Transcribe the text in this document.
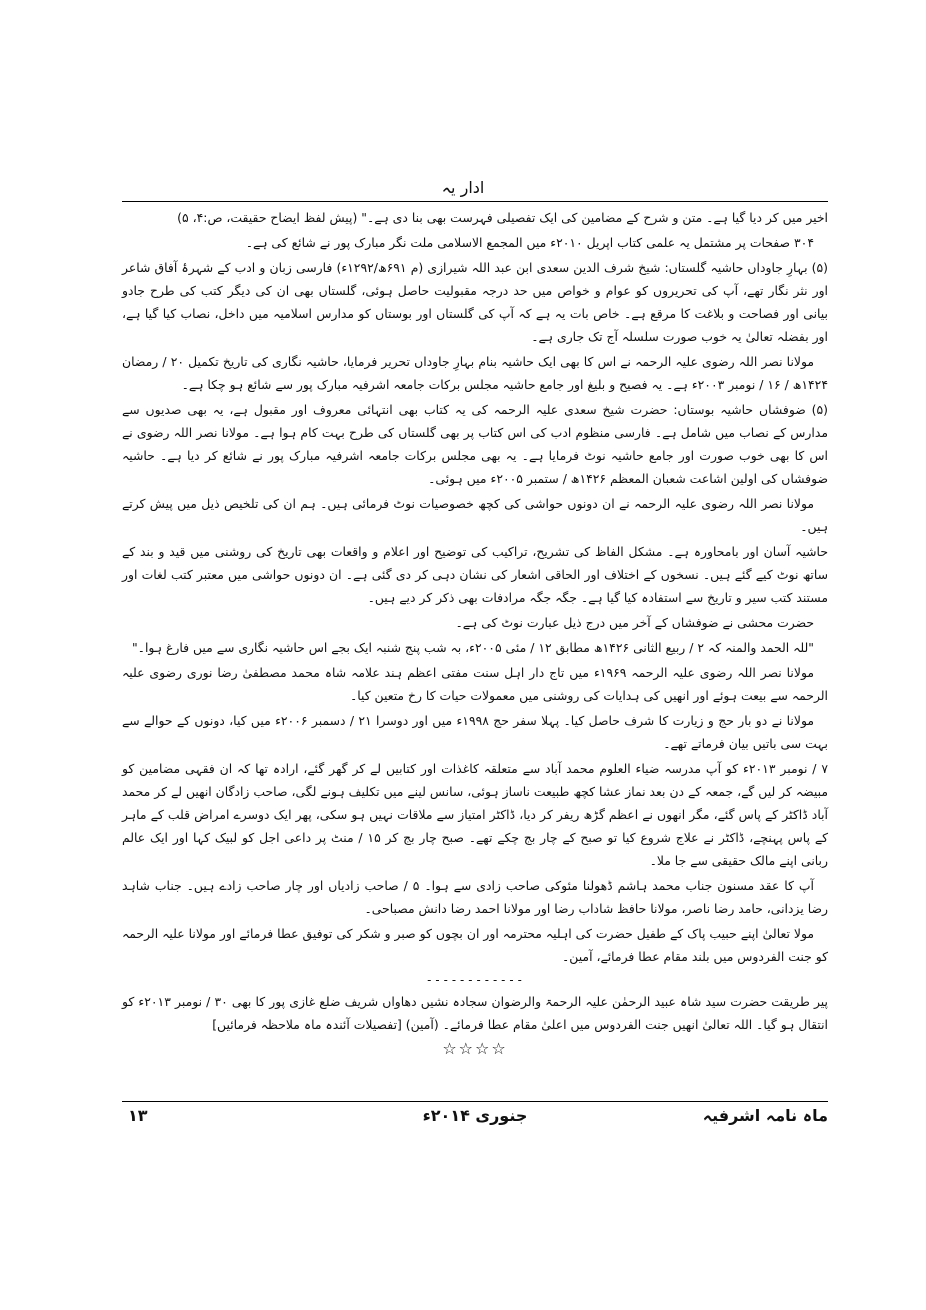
ادار یہ

اخیر میں کر دیا گیا ہے۔ متن و شرح کے مضامین کی ایک تفصیلی فہرست بھی بنا دی ہے۔" (پیش لفظ ایضاح حقیقت، ص:۴، ۵)

۳۰۴ صفحات پر مشتمل یہ علمی کتاب اپریل ۲۰۱۰ء میں المجمع الاسلامی ملت نگر مبارک پور نے شائع کی ہے۔

(۵) بہارِ جاوداں حاشیہ گلستاں: شیخ شرف الدین سعدی ابن عبد اللہ شیرازی (م ۶۹۱ھ/۱۲۹۲ء) فارسی زبان و ادب کے شہرۂ آفاق شاعر اور نثر نگار تھے، آپ کی تحریروں کو عوام و خواص میں حد درجہ مقبولیت حاصل ہوئی، گلستاں بھی ان کی دیگر کتب کی طرح جادو بیانی اور فصاحت و بلاغت کا مرقع ہے۔ خاص بات یہ ہے کہ آپ کی گلستاں اور بوستاں کو مدارس اسلامیہ میں داخل، نصاب کیا گیا ہے، اور بفضلہ تعالیٰ یہ خوب صورت سلسلہ آج تک جاری ہے۔

مولانا نصر اللہ رضوی علیہ الرحمہ نے اس کا بھی ایک حاشیہ بنام بہارِ جاوداں تحریر فرمایا، حاشیہ نگاری کی تاریخ تکمیل ۲۰ / رمضان ۱۴۲۴ھ / ۱۶ / نومبر ۲۰۰۳ء ہے۔ یہ فصیح و بلیغ اور جامع حاشیہ مجلس برکات جامعہ اشرفیہ مبارک پور سے شائع ہو چکا ہے۔

(۵) ضوفشاں حاشیہ بوستاں: حضرت شیخ سعدی علیہ الرحمہ کی یہ کتاب بھی انتہائی معروف اور مقبول ہے، یہ بھی صدیوں سے مدارس کے نصاب میں شامل ہے۔ فارسی منظوم ادب کی اس کتاب پر بھی گلستاں کی طرح بہت کام ہوا ہے۔ مولانا نصر اللہ رضوی نے اس کا بھی خوب صورت اور جامع حاشیہ نوٹ فرمایا ہے۔ یہ بھی مجلس برکات جامعہ اشرفیہ مبارک پور نے شائع کر دیا ہے۔ حاشیہ ضوفشاں کی اولین اشاعت شعبان المعظم ۱۴۲۶ھ / ستمبر ۲۰۰۵ء میں ہوئی۔

مولانا نصر اللہ رضوی علیہ الرحمہ نے ان دونوں حواشی کی کچھ خصوصیات نوٹ فرمائی ہیں۔ ہم ان کی تلخیص ذیل میں پیش کرتے ہیں۔

حاشیہ آسان اور بامحاورہ ہے۔ مشکل الفاظ کی تشریح، تراکیب کی توضیح اور اعلام و واقعات بھی تاریخ کی روشنی میں قید و بند کے ساتھ نوٹ کیے گئے ہیں۔ نسخوں کے اختلاف اور الحاقی اشعار کی نشان دہی کر دی گئی ہے۔ ان دونوں حواشی میں معتبر کتب لغات اور مستند کتب سیر و تاریخ سے استفادہ کیا گیا ہے۔ جگہ جگہ مرادفات بھی ذکر کر دیے ہیں۔

حضرت محشی نے ضوفشاں کے آخر میں درج ذیل عبارت نوٹ کی ہے۔

"للہ الحمد والمنہ کہ ۲ / ربیع الثانی ۱۴۲۶ھ مطابق ۱۲ / مئی ۲۰۰۵ء، بہ شب پنج شنبہ ایک بجے اس حاشیہ نگاری سے میں فارغ ہوا۔"

مولانا نصر اللہ رضوی علیہ الرحمہ ۱۹۶۹ء میں تاج دار اہل سنت مفتی اعظم ہند علامہ شاہ محمد مصطفیٰ رضا نوری رضوی علیہ الرحمہ سے بیعت ہوئے اور انھیں کی ہدایات کی روشنی میں معمولات حیات کا رخ متعین کیا۔

مولانا نے دو بار حج و زیارت کا شرف حاصل کیا۔ پہلا سفر حج ۱۹۹۸ء میں اور دوسرا ۲۱ / دسمبر ۲۰۰۶ء میں کیا، دونوں کے حوالے سے بہت سی باتیں بیان فرماتے تھے۔

۷ / نومبر ۲۰۱۳ء کو آپ مدرسہ ضیاء العلوم محمد آباد سے متعلقہ کاغذات اور کتابیں لے کر گھر گئے، ارادہ تھا کہ ان فقہی مضامین کو مبیضہ کر لیں گے، جمعہ کے دن بعد نماز عشا کچھ طبیعت ناساز ہوئی، سانس لینے میں تکلیف ہونے لگی، صاحب زادگان انھیں لے کر محمد آباد ڈاکٹر کے پاس گئے، مگر انھوں نے اعظم گڑھ ریفر کر دیا، ڈاکٹر امتیاز سے ملاقات نہیں ہو سکی، پھر ایک دوسرے امراض قلب کے ماہر کے پاس پہنچے، ڈاکٹر نے علاج شروع کیا تو صبح کے چار بج چکے تھے۔ صبح چار بج کر ۱۵ / منٹ پر داعی اجل کو لبیک کہا اور ایک عالم ربانی اپنے مالک حقیقی سے جا ملا۔

آپ کا عقد مسنون جناب محمد ہاشم ڈھولنا مئوکی صاحب زادی سے ہوا۔ ۵ / صاحب زادیاں اور چار صاحب زادے ہیں۔ جناب شاہد رضا یزدانی، حامد رضا ناصر، مولانا حافظ شاداب رضا اور مولانا احمد رضا دانش مصباحی۔

مولا تعالیٰ اپنے حبیب پاک کے طفیل حضرت کی اہلیہ محترمہ اور ان بچوں کو صبر و شکر کی توفیق عطا فرمائے اور مولانا علیہ الرحمہ کو جنت الفردوس میں بلند مقام عطا فرمائے، آمین۔

------------

پیر طریقت حضرت سید شاہ عبید الرحمٰن علیہ الرحمۃ والرضوان سجادہ نشیں دھاواں شریف ضلع غازی پور کا بھی ۳۰ / نومبر ۲۰۱۳ء کو انتقال ہو گیا۔ اللہ تعالیٰ انھیں جنت الفردوس میں اعلیٰ مقام عطا فرمائے۔ (آمین) [تفصیلات آئندہ ماہ ملاحظہ فرمائیں]

☆☆☆☆
ماہ نامہ اشرفیہ
جنوری ۲۰۱۴ء
۱۳
